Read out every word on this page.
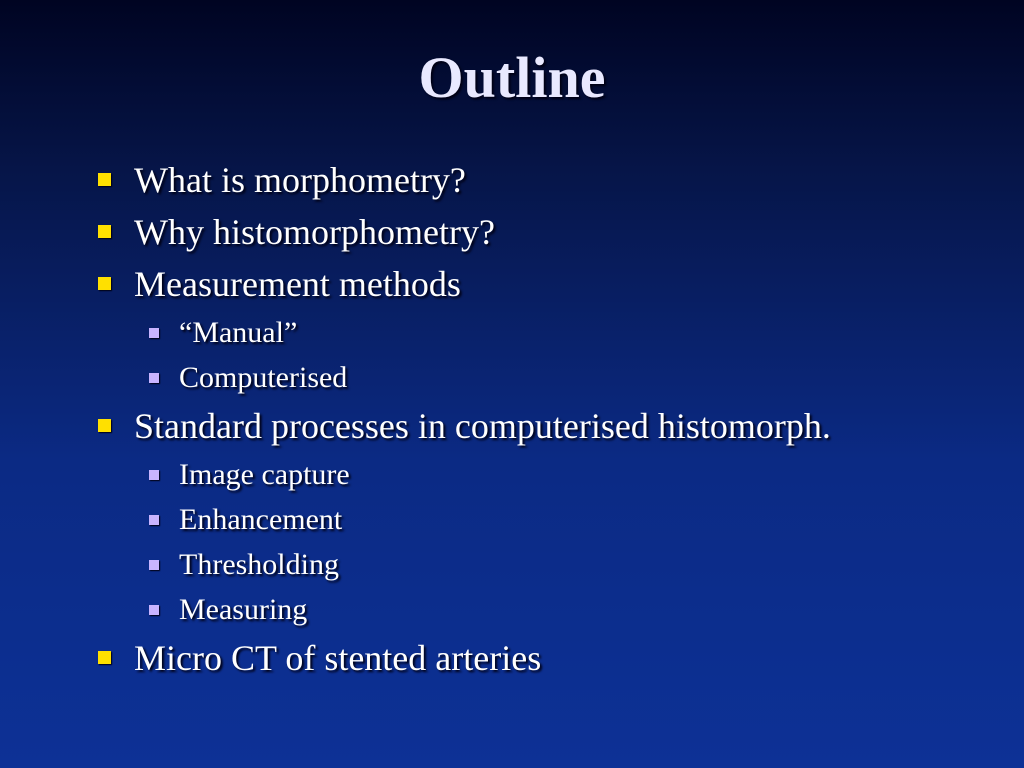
Outline
What is morphometry?
Why histomorphometry?
Measurement methods
“Manual”
Computerised
Standard processes in computerised histomorph.
Image capture
Enhancement
Thresholding
Measuring
Micro CT of stented arteries
